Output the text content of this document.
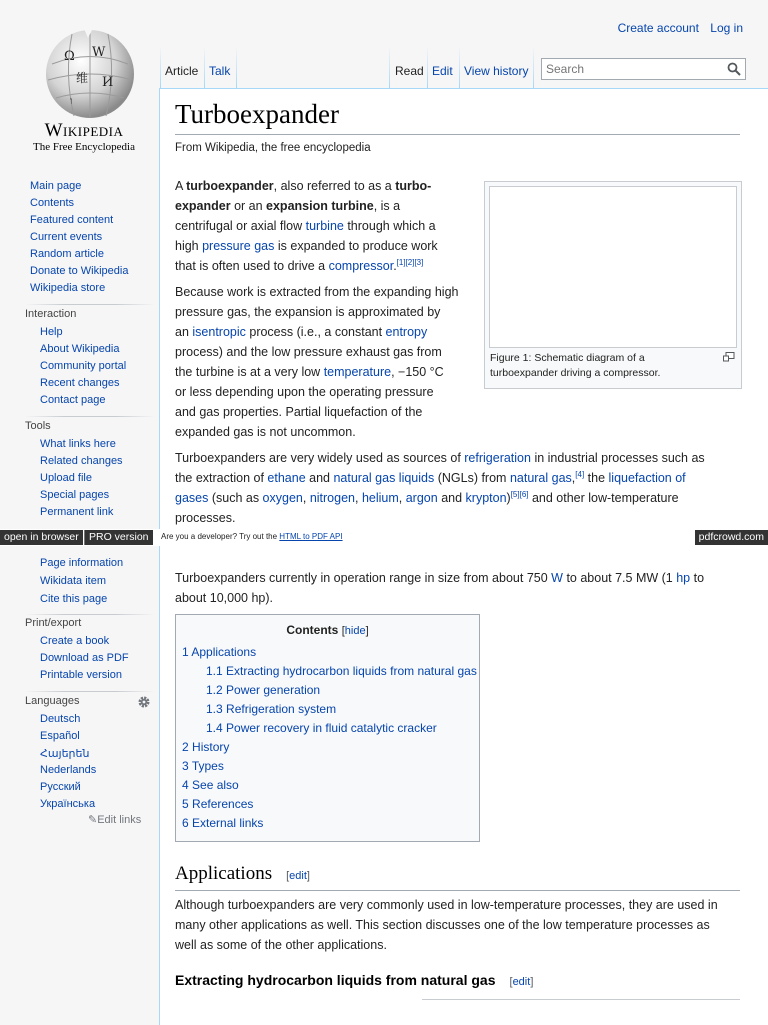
Ω W
维 И
ו
Wikipedia
The Free Encyclopedia
Create account Log in
Main page
Contents
Featured content
Current events
Random article
Donate to Wikipedia
Wikipedia store
Interaction
Help
About Wikipedia
Community portal
Recent changes
Contact page
Tools
What links here
Related changes
Upload file
Special pages
Permanent link
Page information
Wikidata item
Cite this page
Print/export
Create a book
Download as PDF
Printable version
Languages
Deutsch
Español
Հայերեն
Nederlands
Русский
Українська
✎Edit links
Article Talk	Read Edit View history
Search
Turboexpander
From Wikipedia, the free encyclopedia
A turboexpander, also referred to as a turbo-
expander or an expansion turbine, is a
centrifugal or axial flow turbine through which a
high pressure gas is expanded to produce work
that is often used to drive a compressor.[1][2][3]
Because work is extracted from the expanding high
pressure gas, the expansion is approximated by
an isentropic process (i.e., a constant entropy
process) and the low pressure exhaust gas from
the turbine is at a very low temperature, −150 °C
or less depending upon the operating pressure
and gas properties. Partial liquefaction of the
expanded gas is not uncommon.
Figure 1: Schematic diagram of a turboexpander driving a compressor.
Turboexpanders are very widely used as sources of refrigeration in industrial processes such as
the extraction of ethane and natural gas liquids (NGLs) from natural gas,[4] the liquefaction of
gases (such as oxygen, nitrogen, helium, argon and krypton)[5][6] and other low-temperature
processes.
Turboexpanders currently in operation range in size from about 750 W to about 7.5 MW (1 hp to
about 10,000 hp).
Contents [hide]
1 Applications
1.1 Extracting hydrocarbon liquids from natural gas
1.2 Power generation
1.3 Refrigeration system
1.4 Power recovery in fluid catalytic cracker
2 History
3 Types
4 See also
5 References
6 External links
Applications [edit]
Although turboexpanders are very commonly used in low-temperature processes, they are used in
many other applications as well. This section discusses one of the low temperature processes as
well as some of the other applications.
Extracting hydrocarbon liquids from natural gas [edit]
open in browser PRO version	Are you a developer? Try out the HTML to PDF API	pdfcrowd.com
